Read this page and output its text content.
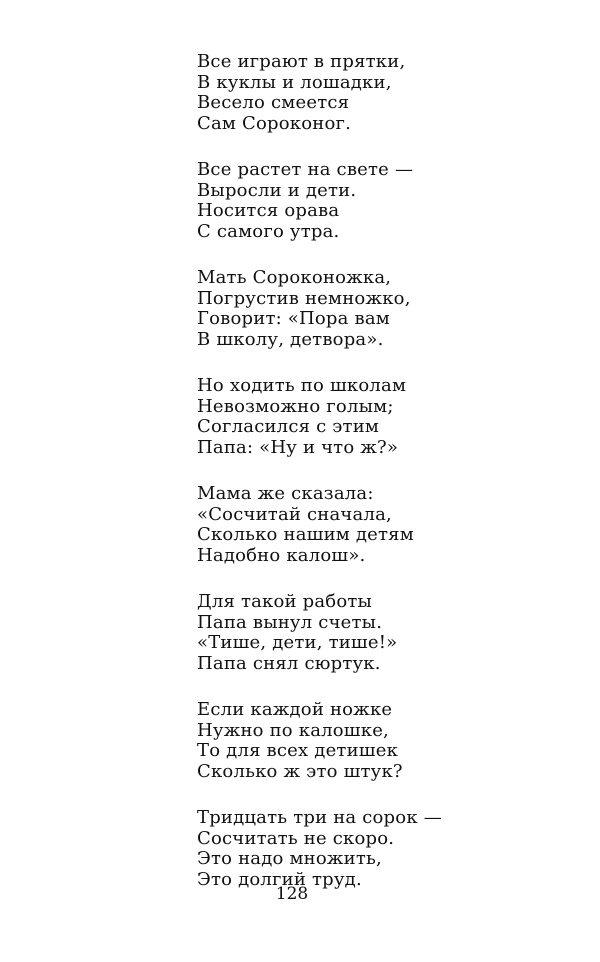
Все играют в прятки,
В куклы и лошадки,
Весело смеется
Сам Сороконог.
Все растет на свете —
Выросли и дети.
Носится орава
С самого утра.
Мать Сороконожка,
Погрустив немножко,
Говорит: «Пора вам
В школу, детвора».
Но ходить по школам
Невозможно голым;
Согласился с этим
Папа: «Ну и что ж?»
Мама же сказала:
«Сосчитай сначала,
Сколько нашим детям
Надобно калош».
Для такой работы
Папа вынул счеты.
«Тише, дети, тише!»
Папа снял сюртук.
Если каждой ножке
Нужно по калошке,
То для всех детишек
Сколько ж это штук?
Тридцать три на сорок —
Сосчитать не скоро.
Это надо множить,
Это долгий труд.
128
